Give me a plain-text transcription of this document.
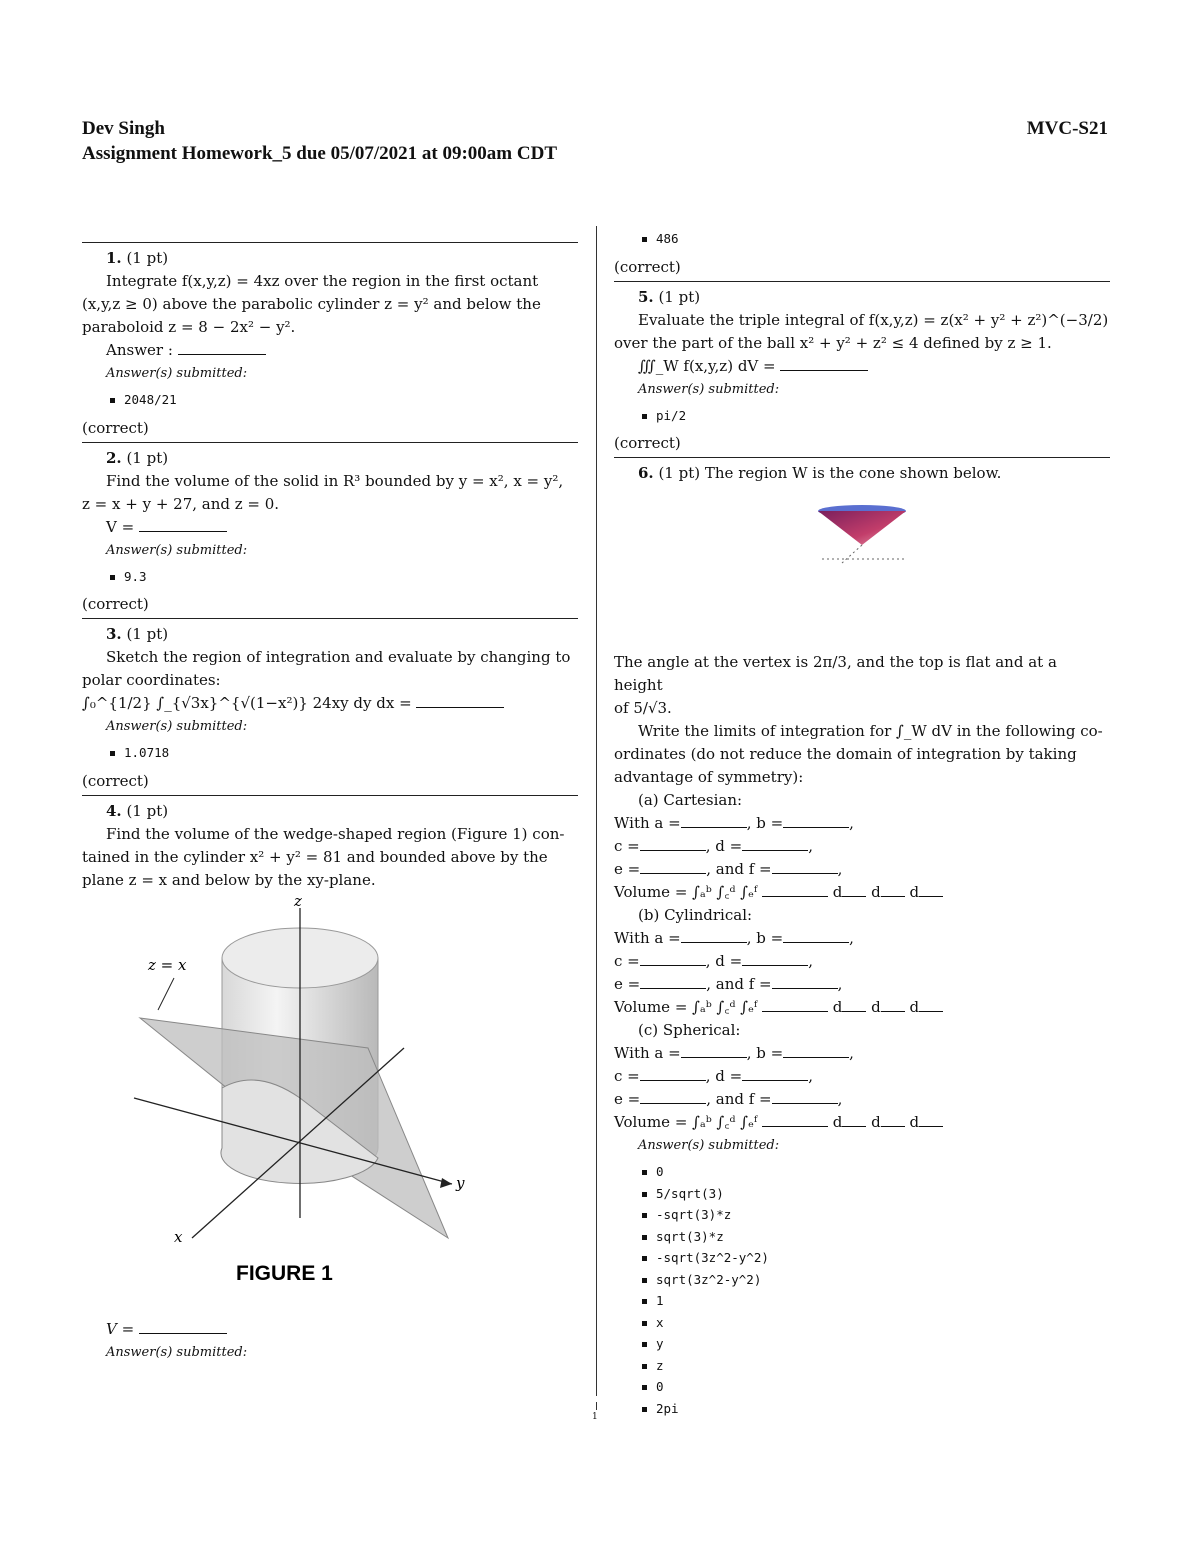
Dev Singh
Assignment Homework_5 due 05/07/2021 at 09:00am CDT
MVC-S21
1. (1 pt)
Integrate f(x,y,z) = 4xz over the region in the first octant
(x,y,z ≥ 0) above the parabolic cylinder z = y² and below the
paraboloid z = 8 − 2x² − y².
Answer :
Answer(s) submitted:
2048/21
(correct)
2. (1 pt)
Find the volume of the solid in R³ bounded by y = x², x = y²,
z = x + y + 27, and z = 0.
V =
Answer(s) submitted:
9.3
(correct)
3. (1 pt)
Sketch the region of integration and evaluate by changing to
polar coordinates:
∫₀^{1/2} ∫_{√3x}^{√(1−x²)} 24xy dy dx =
Answer(s) submitted:
1.0718
(correct)
4. (1 pt)
Find the volume of the wedge-shaped region (Figure 1) con-
tained in the cylinder x² + y² = 81 and bounded above by the
plane z = x and below by the xy-plane.
z = x
z
y
x
FIGURE 1
V =
Answer(s) submitted:
486
(correct)
5. (1 pt)
Evaluate the triple integral of f(x,y,z) = z(x² + y² + z²)^(−3/2)
over the part of the ball x² + y² + z² ≤ 4 defined by z ≥ 1.
∭_W f(x,y,z) dV =
Answer(s) submitted:
pi/2
(correct)
6. (1 pt) The region W is the cone shown below.
The angle at the vertex is 2π/3, and the top is flat and at a height
of 5/√3.
Write the limits of integration for ∫_W dV in the following co-
ordinates (do not reduce the domain of integration by taking
advantage of symmetry):
(a) Cartesian:

With a =	, b =	,

c =	, d =	,

e =	, and f =	,

Volume = ∫ₐᵇ ∫꜀ᵈ ∫ₑᶠ	d d d

(b) Cylindrical:

With a =	, b =	,

c =	, d =	,

e =	, and f =	,

Volume = ∫ₐᵇ ∫꜀ᵈ ∫ₑᶠ	d d d

(c) Spherical:

With a =	, b =	,

c =	, d =	,

e =	, and f =	,

Volume = ∫ₐᵇ ∫꜀ᵈ ∫ₑᶠ	d d d

Answer(s) submitted:
0
5/sqrt(3)
-sqrt(3)*z
sqrt(3)*z
-sqrt(3z^2-y^2)
sqrt(3z^2-y^2)
1
x
y
z
0
2pi
1
